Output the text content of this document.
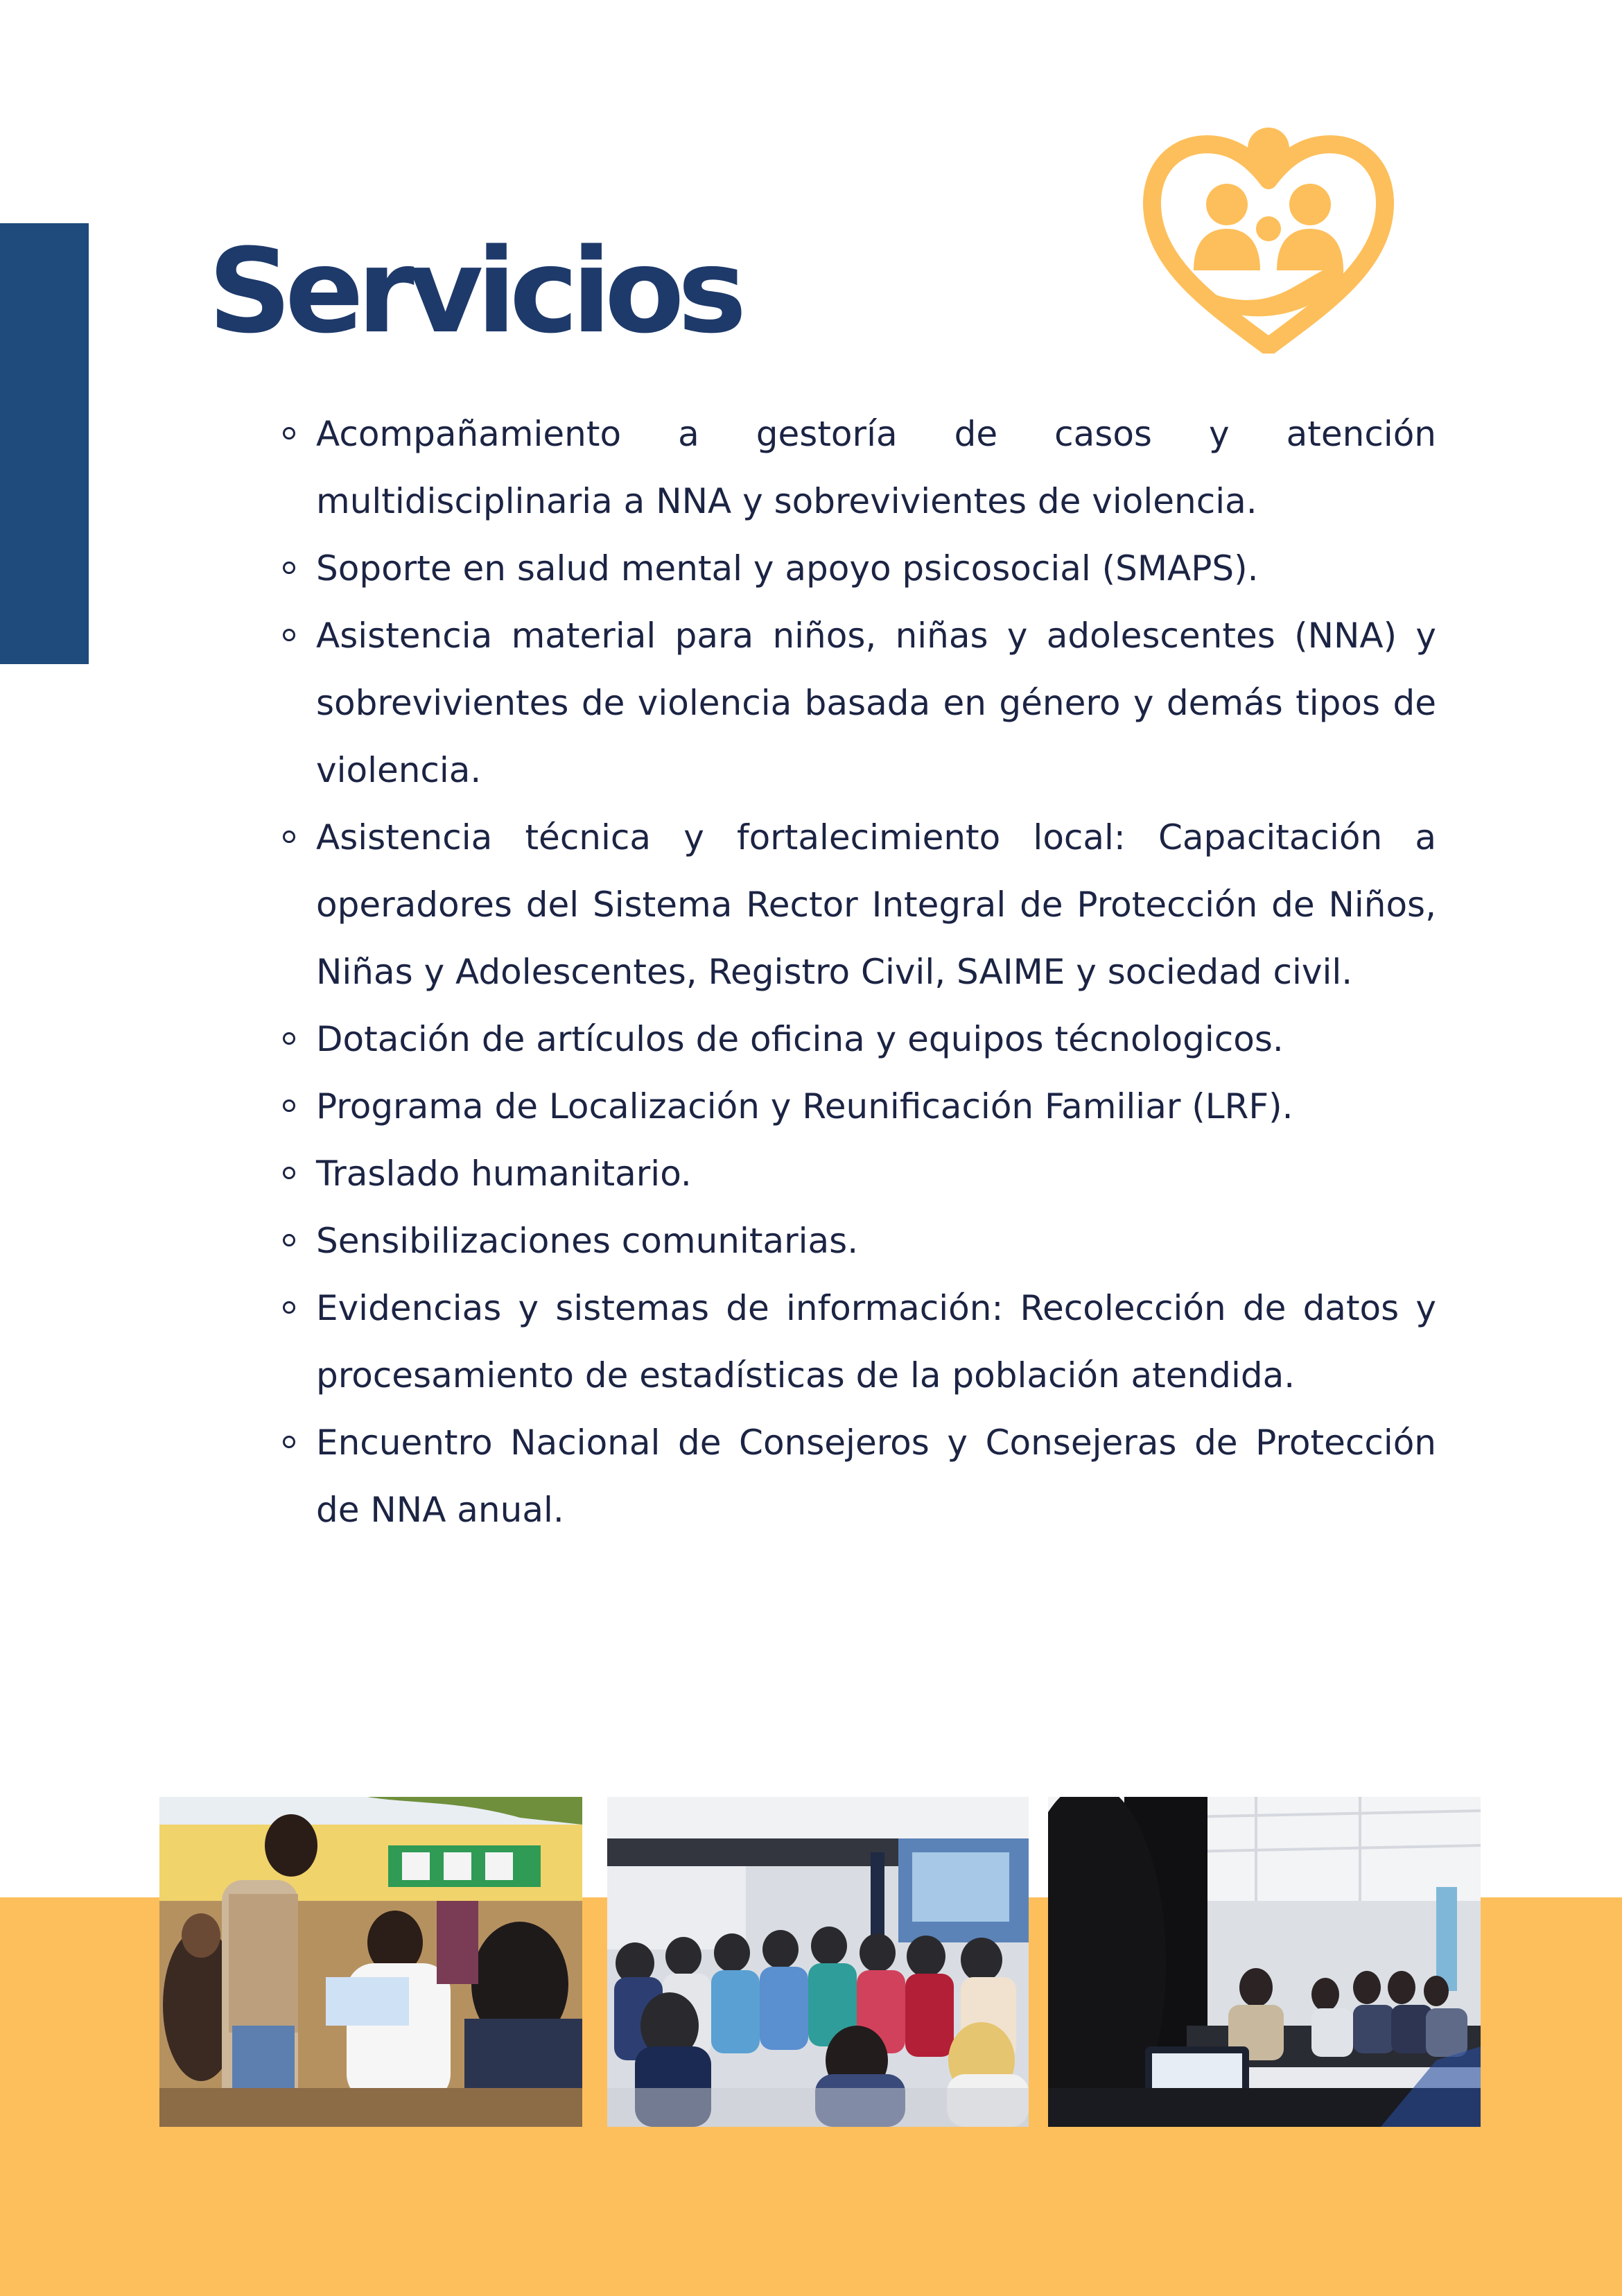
Servicios
Acompañamiento a gestoría de casos y atención multidisciplinaria a NNA y sobrevivientes de violencia.
Soporte en salud mental y apoyo psicosocial (SMAPS).
Asistencia material para niños, niñas y adolescentes (NNA) y sobrevivientes de violencia basada en género y demás tipos de violencia.
Asistencia técnica y fortalecimiento local: Capacitación a operadores del Sistema Rector Integral de Protección de Niños, Niñas y Adolescentes, Registro Civil, SAIME y sociedad civil.
Dotación de artículos de oficina y equipos técnologicos.
Programa de Localización y Reunificación Familiar (LRF).
Traslado humanitario.
Sensibilizaciones comunitarias.
Evidencias y sistemas de información: Recolección de datos y procesamiento de estadísticas de la población atendida.
Encuentro Nacional de Consejeros y Consejeras de Protección de NNA anual.
